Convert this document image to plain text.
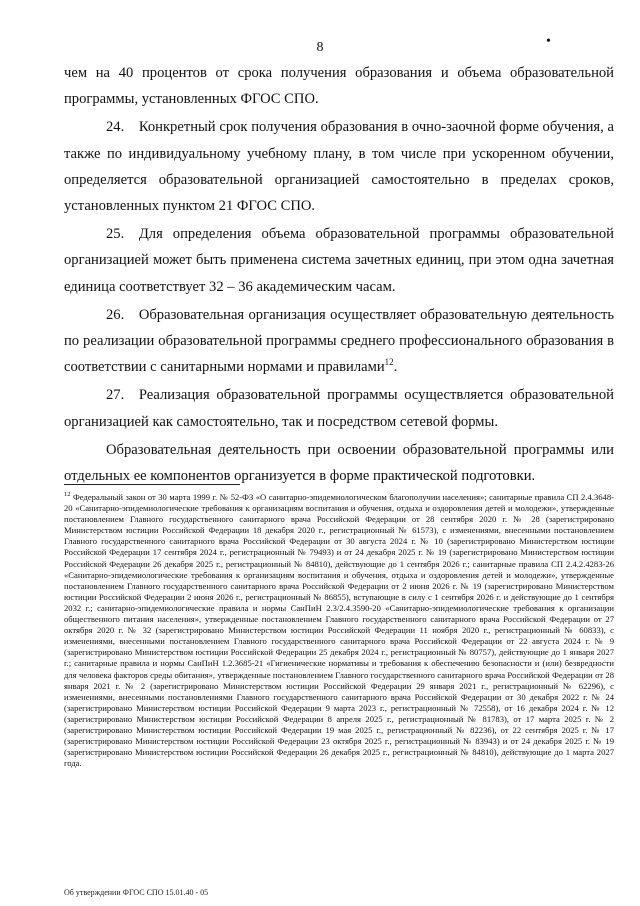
8	•

чем на 40 процентов от срока получения образования и объема образовательной программы, установленных ФГОС СПО.

24. Конкретный срок получения образования в очно-заочной форме обучения, а также по индивидуальному учебному плану, в том числе при ускоренном обучении, определяется образовательной организацией самостоятельно в пределах сроков, установленных пунктом 21 ФГОС СПО.

25. Для определения объема образовательной программы образовательной организацией может быть применена система зачетных единиц, при этом одна зачетная единица соответствует 32 – 36 академическим часам.

26. Образовательная организация осуществляет образовательную деятельность по реализации образовательной программы среднего профессионального образования в соответствии с санитарными нормами и правилами$^{12}$.

27. Реализация образовательной программы осуществляется образовательной организацией как самостоятельно, так и посредством сетевой формы.

Образовательная деятельность при освоении образовательной программы или отдельных ее компонентов организуется в форме практической подготовки.

$^{12}$ Федеральный закон от 30 марта 1999 г. № 52-ФЗ «О санитарно-эпидемиологическом благополучии населения»; санитарные правила СП 2.4.3648-20 «Санитарно-эпидемиологические требования к организациям воспитания и обучения, отдыха и оздоровления детей и молодежи», утвержденные постановлением Главного государственного санитарного врача Российской Федерации от 28 сентября 2020 г. № 28 (зарегистрировано Министерством юстиции Российской Федерации 18 декабря 2020 г., регистрационный № 61573), с изменениями, внесенными постановлением Главного государственного санитарного врача Российской Федерации от 30 августа 2024 г. № 10 (зарегистрировано Министерством юстиции Российской Федерации 17 сентября 2024 г., регистрационный № 79493) и от 24 декабря 2025 г. № 19 (зарегистрировано Министерством юстиции Российской Федерации 26 декабря 2025 г., регистрационный № 84810), действующие до 1 сентября 2026 г.; санитарные правила СП 2.4.2.4283-26 «Санитарно-эпидемиологические требования к организациям воспитания и обучения, отдыха и оздоровления детей и молодежи», утвержденные постановлением Главного государственного санитарного врача Российской Федерации от 2 июня 2026 г. № 19 (зарегистрировано Министерством юстиции Российской Федерации 2 июня 2026 г., регистрационный № 86855), вступающие в силу с 1 сентября 2026 г. и действующие до 1 сентября 2032 г.; санитарно-эпидемиологические правила и нормы СанПиН 2.3/2.4.3590-20 «Санитарно-эпидемиологические требования к организации общественного питания населения», утвержденные постановлением Главного государственного санитарного врача Российской Федерации от 27 октября 2020 г. № 32 (зарегистрировано Министерством юстиции Российской Федерации 11 ноября 2020 г., регистрационный № 60833), с изменениями, внесенными постановлением Главного государственного санитарного врача Российской Федерации от 22 августа 2024 г. № 9 (зарегистрировано Министерством юстиции Российской Федерации 25 декабря 2024 г., регистрационный № 80757), действующие до 1 января 2027 г.; санитарные правила и нормы СанПиН 1.2.3685-21 «Гигиенические нормативы и требования к обеспечению безопасности и (или) безвредности для человека факторов среды обитания», утвержденные постановлением Главного государственного санитарного врача Российской Федерации от 28 января 2021 г. № 2 (зарегистрировано Министерством юстиции Российской Федерации 29 января 2021 г., регистрационный № 62296), с изменениями, внесенными постановлениями Главного государственного санитарного врача Российской Федерации от 30 декабря 2022 г. № 24 (зарегистрировано Министерством юстиции Российской Федерации 9 марта 2023 г., регистрационный № 72558), от 16 декабря 2024 г. № 12 (зарегистрировано Министерством юстиции Российской Федерации 8 апреля 2025 г., регистрационный № 81783), от 17 марта 2025 г. № 2 (зарегистрировано Министерством юстиции Российской Федерации 19 мая 2025 г., регистрационный № 82236), от 22 сентября 2025 г. № 17 (зарегистрировано Министерством юстиции Российской Федерации 23 октября 2025 г., регистрационный № 83943) и от 24 декабря 2025 г. № 19 (зарегистрировано Министерством юстиции Российской Федерации 26 декабря 2025 г., регистрационный № 84810), действующие до 1 марта 2027 года.
Об утверждении ФГОС СПО 15.01.40 - 05
